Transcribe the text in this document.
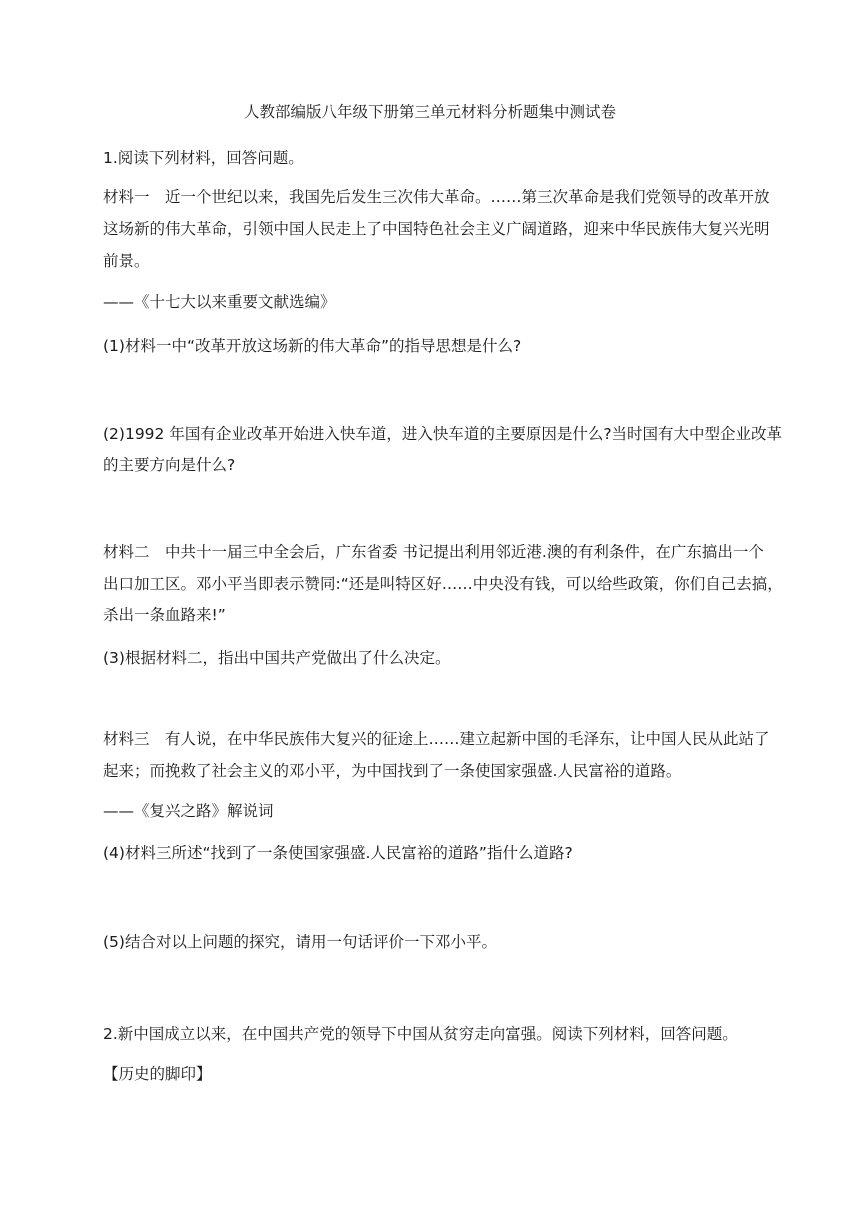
人教部编版八年级下册第三单元材料分析题集中测试卷
1.阅读下列材料，回答问题。
材料一　近一个世纪以来，我国先后发生三次伟大革命。……第三次革命是我们党领导的改革开放
这场新的伟大革命，引领中国人民走上了中国特色社会主义广阔道路，迎来中华民族伟大复兴光明
前景。
——《十七大以来重要文献选编》
(1)材料一中“改革开放这场新的伟大革命”的指导思想是什么?
(2)1992 年国有企业改革开始进入快车道，进入快车道的主要原因是什么?当时国有大中型企业改革
的主要方向是什么?
材料二　中共十一届三中全会后，广东省委 书记提出利用邻近港.澳的有利条件，在广东搞出一个
出口加工区。邓小平当即表示赞同:“还是叫特区好……中央没有钱，可以给些政策，你们自己去搞，
杀出一条血路来!”
(3)根据材料二，指出中国共产党做出了什么决定。
材料三　有人说，在中华民族伟大复兴的征途上……建立起新中国的毛泽东，让中国人民从此站了
起来；而挽救了社会主义的邓小平，为中国找到了一条使国家强盛.人民富裕的道路。
——《复兴之路》解说词
(4)材料三所述“找到了一条使国家强盛.人民富裕的道路”指什么道路?
(5)结合对以上问题的探究，请用一句话评价一下邓小平。
2.新中国成立以来，在中国共产党的领导下中国从贫穷走向富强。阅读下列材料，回答问题。
【历史的脚印】
